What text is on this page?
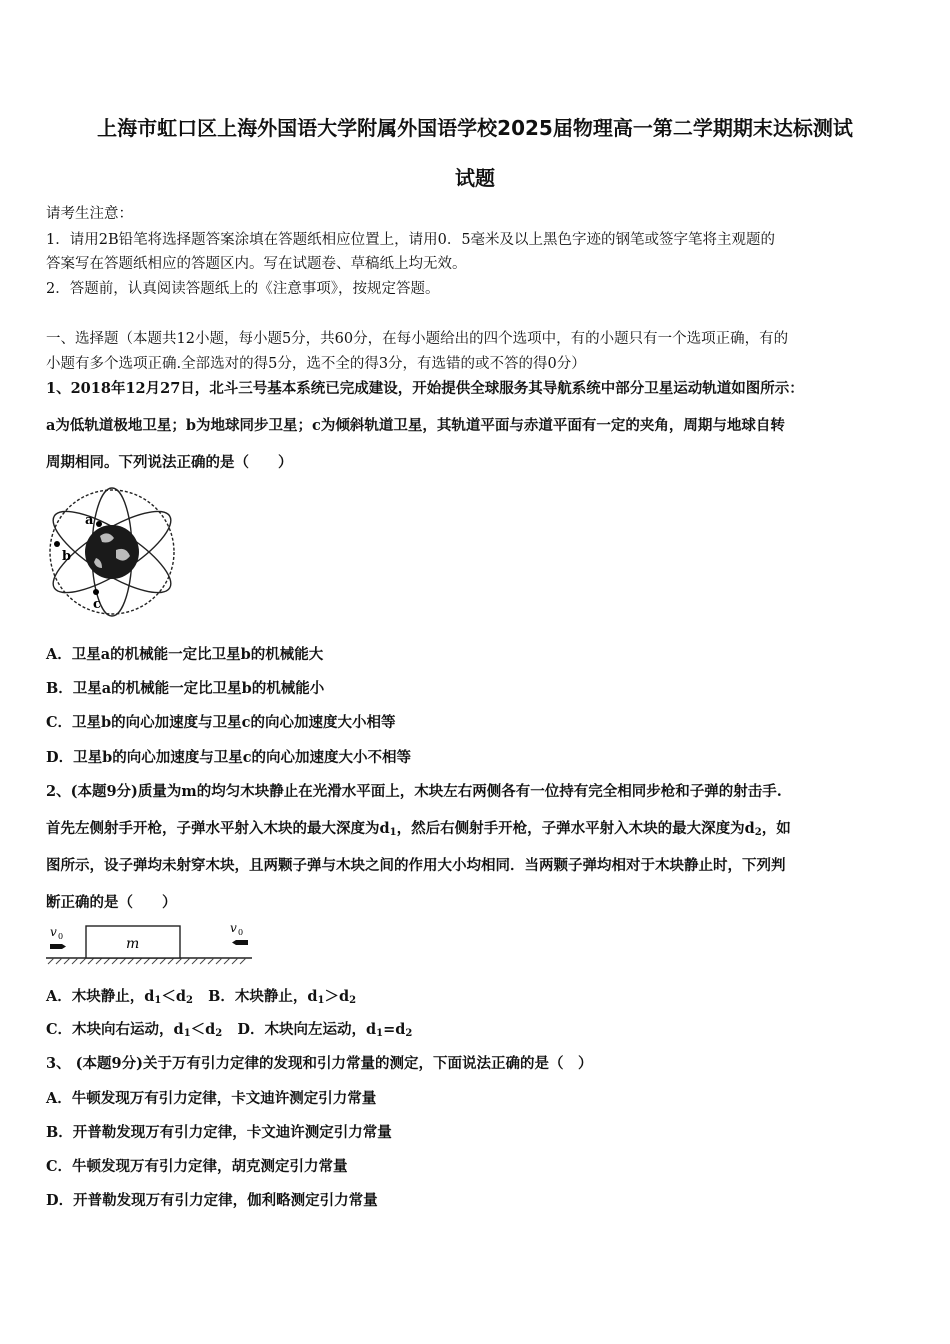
上海市虹口区上海外国语大学附属外国语学校2025届物理高一第二学期期末达标测试
试题
请考生注意：
1．请用2B铅笔将选择题答案涂填在答题纸相应位置上，请用0．5毫米及以上黑色字迹的钢笔或签字笔将主观题的
答案写在答题纸相应的答题区内。写在试题卷、草稿纸上均无效。
2．答题前，认真阅读答题纸上的《注意事项》，按规定答题。
一、选择题（本题共12小题，每小题5分，共60分，在每小题给出的四个选项中，有的小题只有一个选项正确，有的
小题有多个选项正确.全部选对的得5分，选不全的得3分，有选错的或不答的得0分）
1、2018年12月27日，北斗三号基本系统已完成建设，开始提供全球服务其导航系统中部分卫星运动轨道如图所示：
a为低轨道极地卫星；b为地球同步卫星；c为倾斜轨道卫星，其轨道平面与赤道平面有一定的夹角，周期与地球自转
周期相同。下列说法正确的是（　　）
a
b
c
A．卫星a的机械能一定比卫星b的机械能大
B．卫星a的机械能一定比卫星b的机械能小
C．卫星b的向心加速度与卫星c的向心加速度大小相等
D．卫星b的向心加速度与卫星c的向心加速度大小不相等
2、(本题9分)质量为m的均匀木块静止在光滑水平面上，木块左右两侧各有一位持有完全相同步枪和子弹的射击手.
首先左侧射手开枪，子弹水平射入木块的最大深度为$d_1$，然后右侧射手开枪，子弹水平射入木块的最大深度为$d_2$，如
图所示，设子弹均未射穿木块，且两颗子弹与木块之间的作用大小均相同．当两颗子弹均相对于木块静止时，下列判
断正确的是（　　）
m
v 0
v 0
A．木块静止，$d_1<d_2$ B．木块静止，$d_1>d_2$
C．木块向右运动，$d_1<d_2$ D．木块向左运动，$d_1=d_2$
3、 (本题9分)关于万有引力定律的发现和引力常量的测定，下面说法正确的是（　）
A．牛顿发现万有引力定律，卡文迪许测定引力常量
B．开普勒发现万有引力定律，卡文迪许测定引力常量
C．牛顿发现万有引力定律，胡克测定引力常量
D．开普勒发现万有引力定律，伽利略测定引力常量
